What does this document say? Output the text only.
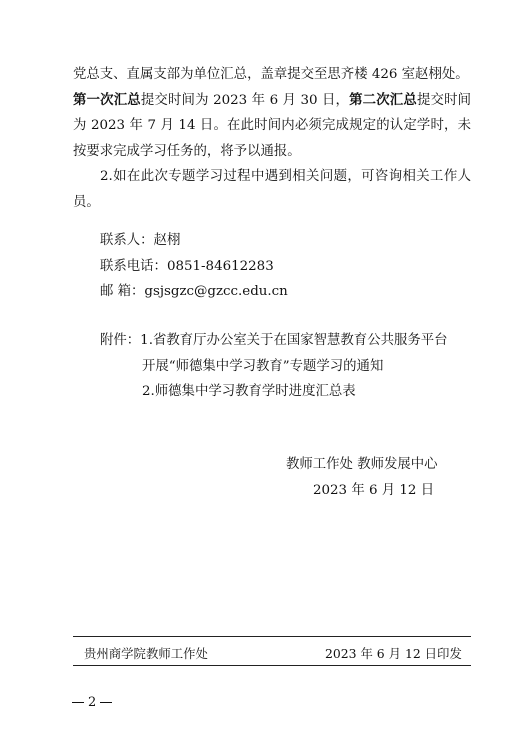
党总支、直属支部为单位汇总，盖章提交至思齐楼 426 室赵栩处。

第一次汇总提交时间为 2023 年 6 月 30 日，第二次汇总提交时间为 2023 年 7 月 14 日。在此时间内必须完成规定的认定学时，未按要求完成学习任务的，将予以通报。

2.如在此次专题学习过程中遇到相关问题，可咨询相关工作人员。

联系人：赵栩
联系电话：0851-84612283
邮 箱：gsjsgzc@gzcc.edu.cn
附件：1.省教育厅办公室关于在国家智慧教育公共服务平台
开展“师德集中学习教育”专题学习的通知
2.师德集中学习教育学时进度汇总表
教师工作处 教师发展中心
2023 年 6 月 12 日
贵州商学院教师工作处	2023 年 6 月 12 日印发
2
